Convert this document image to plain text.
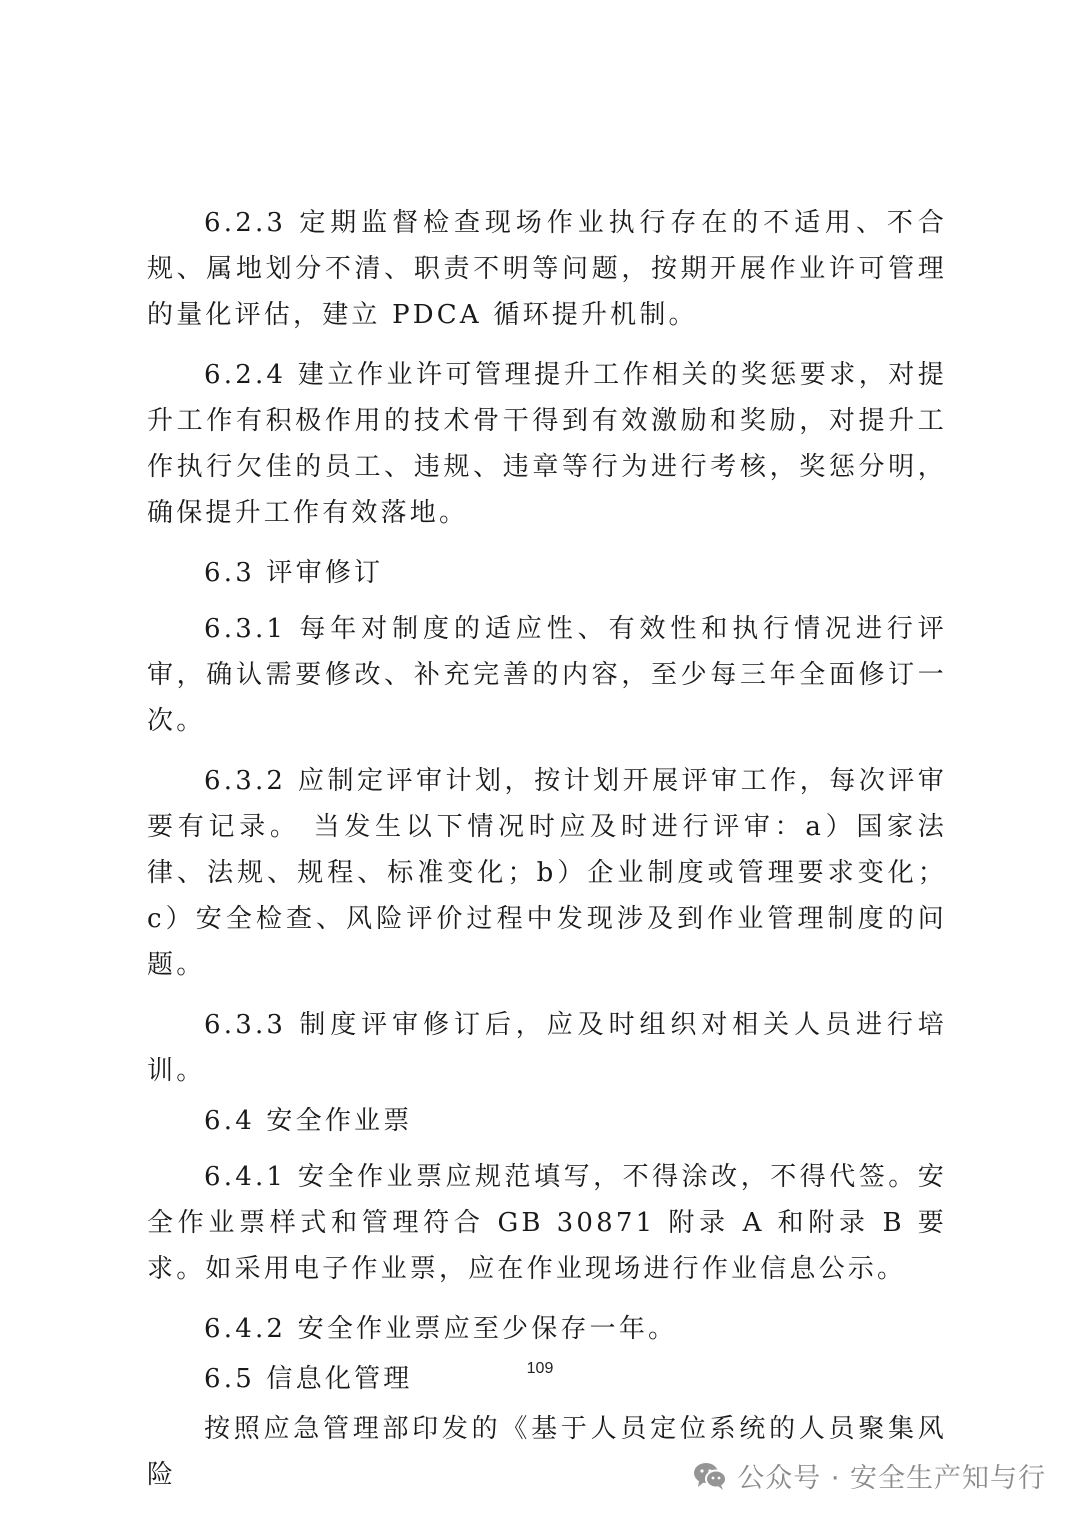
6.2.3 定期监督检查现场作业执行存在的不适用、不合规、属地划分不清、职责不明等问题，按期开展作业许可管理的量化评估，建立 PDCA 循环提升机制。

6.2.4 建立作业许可管理提升工作相关的奖惩要求，对提升工作有积极作用的技术骨干得到有效激励和奖励，对提升工作执行欠佳的员工、违规、违章等行为进行考核，奖惩分明，确保提升工作有效落地。

6.3 评审修订

6.3.1 每年对制度的适应性、有效性和执行情况进行评审，确认需要修改、补充完善的内容，至少每三年全面修订一次。

6.3.2 应制定评审计划，按计划开展评审工作，每次评审要有记录。 当发生以下情况时应及时进行评审：a）国家法律、法规、规程、标准变化；b）企业制度或管理要求变化；c）安全检查、风险评价过程中发现涉及到作业管理制度的问题。

6.3.3 制度评审修订后，应及时组织对相关人员进行培训。

6.4 安全作业票

6.4.1 安全作业票应规范填写，不得涂改，不得代签。安全作业票样式和管理符合 GB 30871 附录 A 和附录 B 要求。如采用电子作业票，应在作业现场进行作业信息公示。

6.4.2 安全作业票应至少保存一年。

6.5 信息化管理

按照应急管理部印发的《基于人员定位系统的人员聚集风险

109
公众号 · 安全生产知与行
